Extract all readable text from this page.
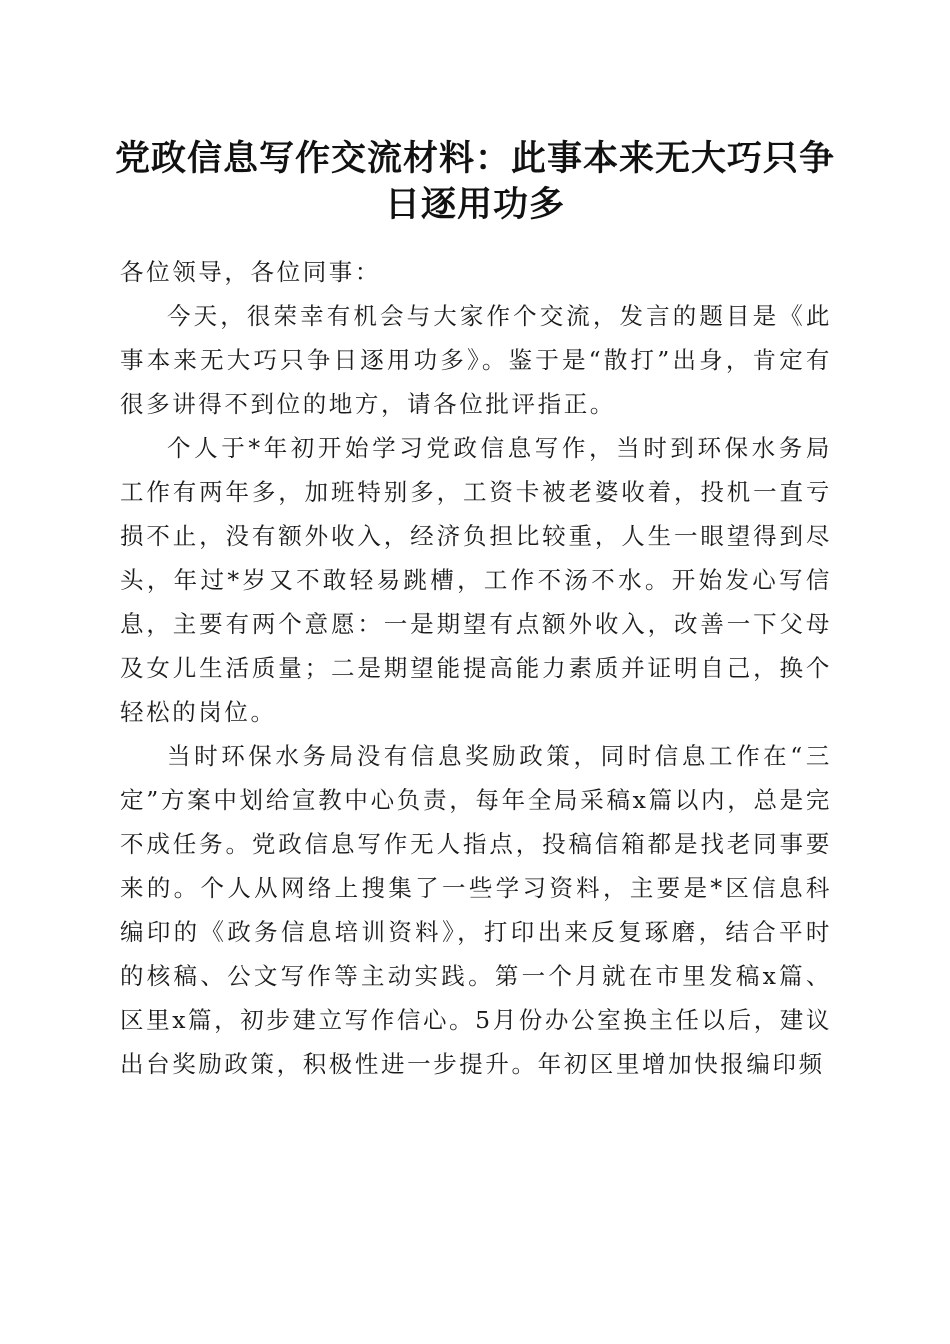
党政信息写作交流材料：此事本来无大巧只争日逐用功多

各位领导，各位同事：

今天，很荣幸有机会与大家作个交流，发言的题目是《此事本来无大巧只争日逐用功多》。鉴于是“散打”出身，肯定有很多讲得不到位的地方，请各位批评指正。

个人于*年初开始学习党政信息写作，当时到环保水务局工作有两年多，加班特别多，工资卡被老婆收着，投机一直亏损不止，没有额外收入，经济负担比较重，人生一眼望得到尽头，年过*岁又不敢轻易跳槽，工作不汤不水。开始发心写信息，主要有两个意愿：一是期望有点额外收入，改善一下父母及女儿生活质量；二是期望能提高能力素质并证明自己，换个轻松的岗位。

当时环保水务局没有信息奖励政策，同时信息工作在“三定”方案中划给宣教中心负责，每年全局采稿x篇以内，总是完不成任务。党政信息写作无人指点，投稿信箱都是找老同事要来的。个人从网络上搜集了一些学习资料，主要是*区信息科编印的《政务信息培训资料》，打印出来反复琢磨，结合平时的核稿、公文写作等主动实践。第一个月就在市里发稿x篇、区里x篇，初步建立写作信心。5月份办公室换主任以后，建议出台奖励政策，积极性进一步提升。年初区里增加快报编印频
